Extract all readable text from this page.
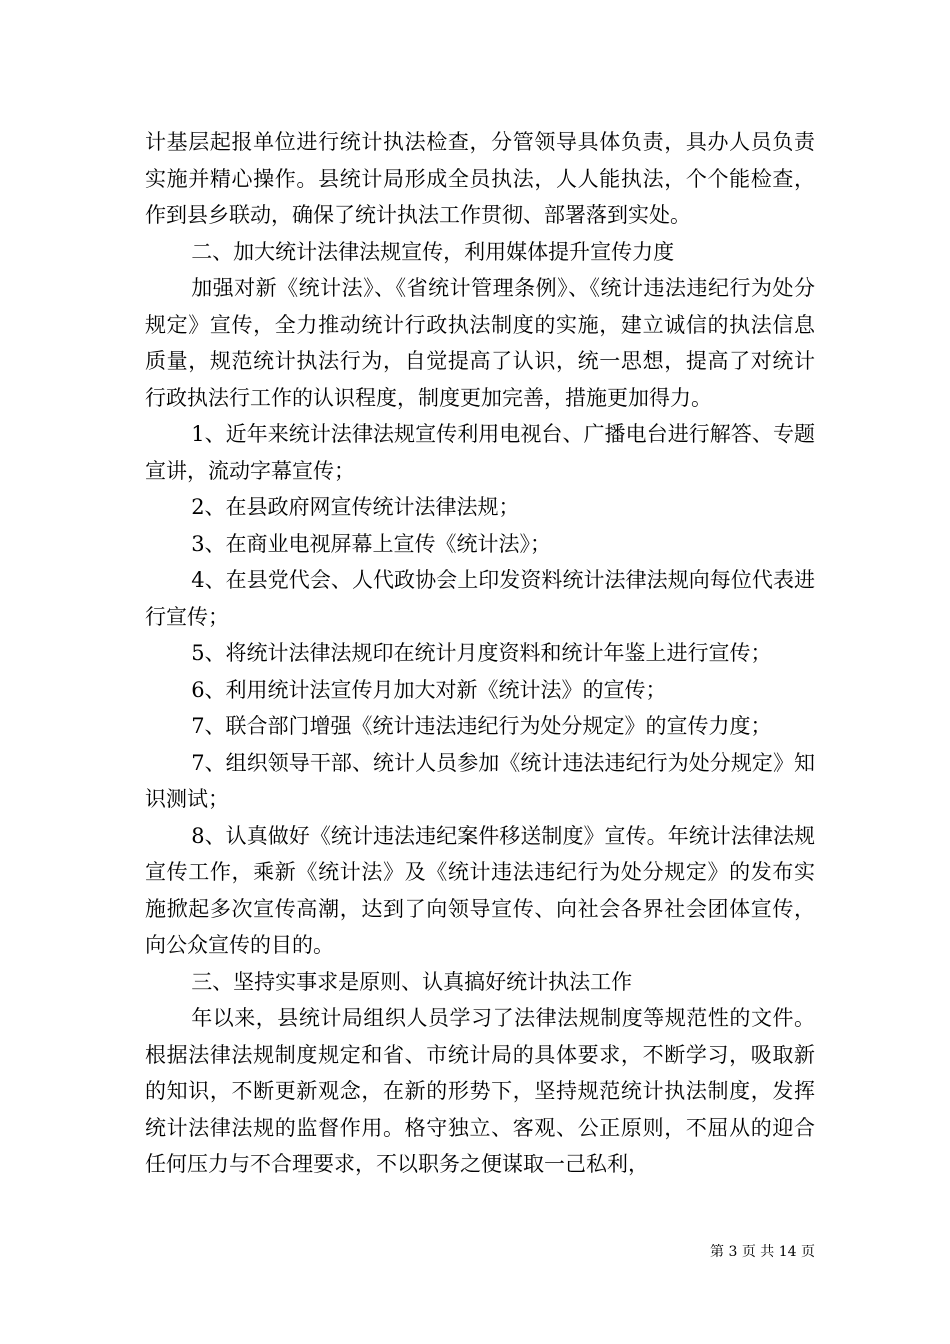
计基层起报单位进行统计执法检查，分管领导具体负责，具办人员负责实施并精心操作。县统计局形成全员执法，人人能执法，个个能检查，作到县乡联动，确保了统计执法工作贯彻、部署落到实处。

二、加大统计法律法规宣传，利用媒体提升宣传力度

加强对新《统计法》、《省统计管理条例》、《统计违法违纪行为处分规定》宣传，全力推动统计行政执法制度的实施，建立诚信的执法信息质量，规范统计执法行为，自觉提高了认识，统一思想，提高了对统计行政执法行工作的认识程度，制度更加完善，措施更加得力。

1、近年来统计法律法规宣传利用电视台、广播电台进行解答、专题宣讲，流动字幕宣传；

2、在县政府网宣传统计法律法规；

3、在商业电视屏幕上宣传《统计法》；

4、在县党代会、人代政协会上印发资料统计法律法规向每位代表进行宣传；

5、将统计法律法规印在统计月度资料和统计年鉴上进行宣传；

6、利用统计法宣传月加大对新《统计法》的宣传；

7、联合部门增强《统计违法违纪行为处分规定》的宣传力度；

7、组织领导干部、统计人员参加《统计违法违纪行为处分规定》知识测试；

8、认真做好《统计违法违纪案件移送制度》宣传。年统计法律法规宣传工作，乘新《统计法》及《统计违法违纪行为处分规定》的发布实施掀起多次宣传高潮，达到了向领导宣传、向社会各界社会团体宣传，向公众宣传的目的。

三、坚持实事求是原则、认真搞好统计执法工作

年以来，县统计局组织人员学习了法律法规制度等规范性的文件。根据法律法规制度规定和省、市统计局的具体要求，不断学习，吸取新的知识，不断更新观念，在新的形势下，坚持规范统计执法制度，发挥统计法律法规的监督作用。格守独立、客观、公正原则，不屈从的迎合任何压力与不合理要求，不以职务之便谋取一己私利，

第 3 页 共 14 页
